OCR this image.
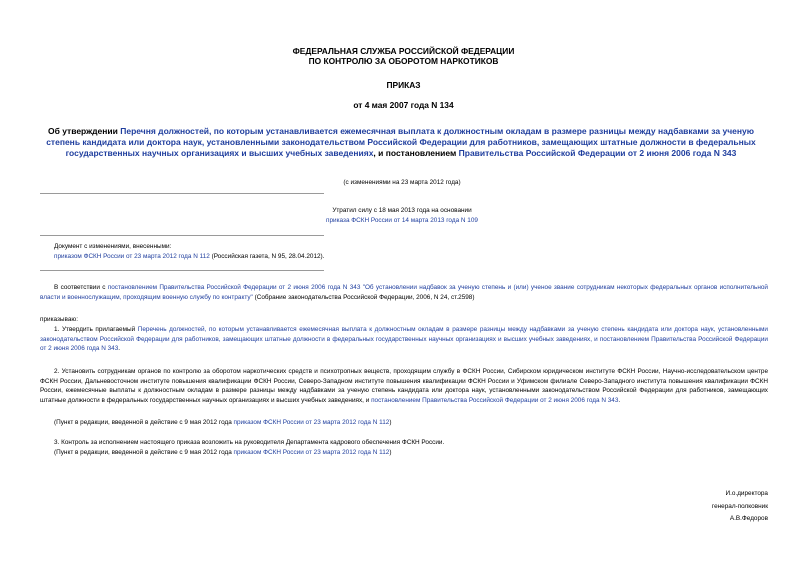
ФЕДЕРАЛЬНАЯ СЛУЖБА РОССИЙСКОЙ ФЕДЕРАЦИИ
ПО КОНТРОЛЮ ЗА ОБОРОТОМ НАРКОТИКОВ
ПРИКАЗ
от 4 мая 2007 года N 134
Об утверждении Перечня должностей, по которым устанавливается ежемесячная выплата к должностным окладам в размере разницы между надбавками за ученую степень кандидата или доктора наук, установленными законодательством Российской Федерации для работников, замещающих штатные должности в федеральных государственных научных организациях и высших учебных заведениях, и постановлением Правительства Российской Федерации от 2 июня 2006 года N 343
(с изменениями на 23 марта 2012 года)
Утратил силу с 18 мая 2013 года на основании
приказа ФСКН России от 14 марта 2013 года N 109
Документ с изменениями, внесенными:
приказом ФСКН России от 23 марта 2012 года N 112 (Российская газета, N 95, 28.04.2012).
В соответствии с постановлением Правительства Российской Федерации от 2 июня 2006 года N 343 "Об установлении надбавок за ученую степень и (или) ученое звание сотрудникам некоторых федеральных органов исполнительной власти и военнослужащим, проходящим военную службу по контракту" (Собрание законодательства Российской Федерации, 2006, N 24, ст.2598)
приказываю:
1. Утвердить прилагаемый Перечень должностей, по которым устанавливается ежемесячная выплата к должностным окладам в размере разницы между надбавками за ученую степень кандидата или доктора наук, установленными законодательством Российской Федерации для работников, замещающих штатные должности в федеральных государственных научных организациях и высших учебных заведениях, и постановлением Правительства Российской Федерации от 2 июня 2006 года N 343.
2. Установить сотрудникам органов по контролю за оборотом наркотических средств и психотропных веществ, проходящим службу в ФСКН России, Сибирском юридическом институте ФСКН России, Научно-исследовательском центре ФСКН России, Дальневосточном институте повышения квалификации ФСКН России, Северо-Западном институте повышения квалификации ФСКН России и Уфимском филиале Северо-Западного института повышения квалификации ФСКН России, ежемесячные выплаты к должностным окладам в размере разницы между надбавками за ученую степень кандидата или доктора наук, установленными законодательством Российской Федерации для работников, замещающих штатные должности в федеральных государственных научных организациях и высших учебных заведениях, и постановлением Правительства Российской Федерации от 2 июня 2006 года N 343.
(Пункт в редакции, введенной в действие с 9 мая 2012 года приказом ФСКН России от 23 марта 2012 года N 112)
3. Контроль за исполнением настоящего приказа возложить на руководителя Департамента кадрового обеспечения ФСКН России.
(Пункт в редакции, введенной в действие с 9 мая 2012 года приказом ФСКН России от 23 марта 2012 года N 112)
И.о.директора
генерал-полковник
А.В.Федоров
